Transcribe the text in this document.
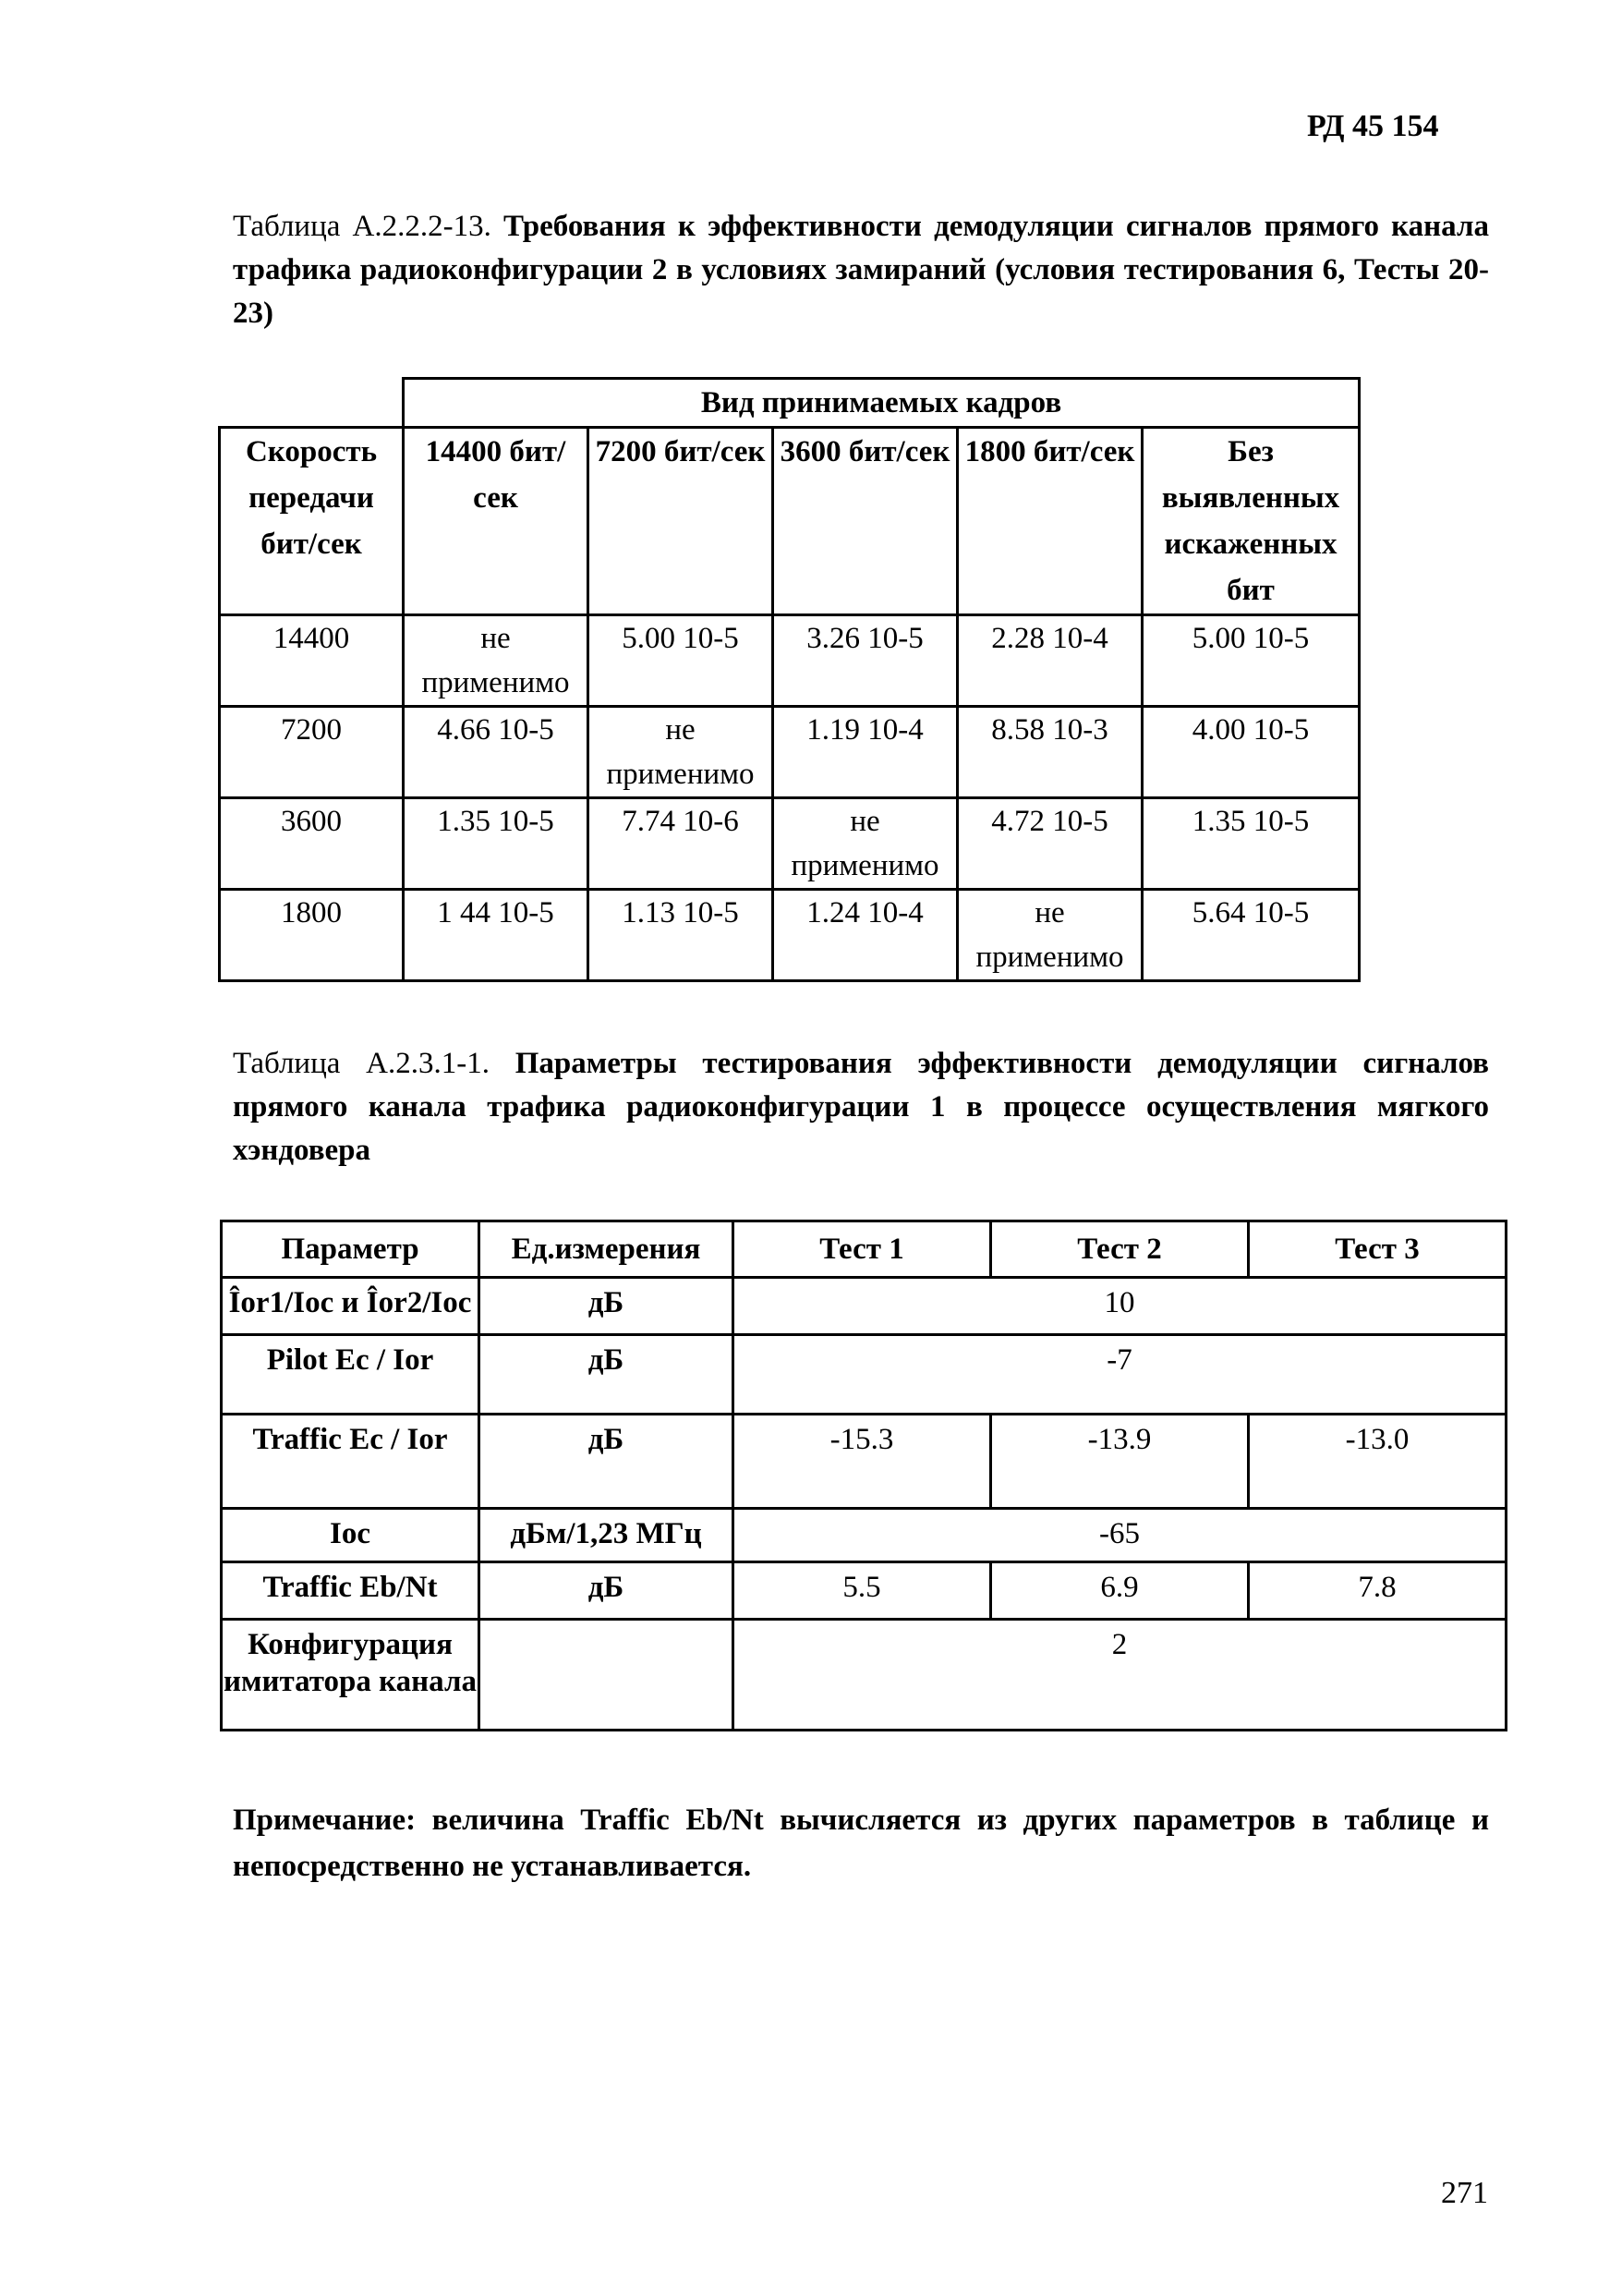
РД 45 154
Таблица А.2.2.2-13. Требования к эффективности демодуляции сигналов прямого канала трафика радиоконфигурации 2 в условиях замираний (условия тестирования 6, Тесты 20-23)
	Вид принимаемых кадров				
Скорость передачи бит/сек	14400 бит/сек	7200 бит/сек	3600 бит/сек	1800 бит/сек	Без выявленных искаженных бит
14400	не применимо	5.00 10-5	3.26 10-5	2.28 10-4	5.00 10-5
7200	4.66 10-5	не применимо	1.19 10-4	8.58 10-3	4.00 10-5
3600	1.35 10-5	7.74 10-6	не применимо	4.72 10-5	1.35 10-5
1800	1 44 10-5	1.13 10-5	1.24 10-4	не применимо	5.64 10-5
Таблица А.2.3.1-1. Параметры тестирования эффективности демодуляции сигналов прямого канала трафика радиоконфигурации 1 в процессе осуществления мягкого хэндовера
Параметр	Ед.измерения	Тест 1	Тест 2	Тест 3
Îor1/Ioc и Îor2/Ioc	дБ	10		
Pilot Ec / Ior	дБ	-7		
Traffic Ec / Ior	дБ	-15.3	-13.9	-13.0
Ioc	дБм/1,23 МГц	-65		
Traffic Eb/Nt	дБ	5.5	6.9	7.8
Конфигурация имитатора канала		2		
Примечание: величина Traffic Eb/Nt вычисляется из других параметров в таблице и непосредственно не устанавливается.
271
